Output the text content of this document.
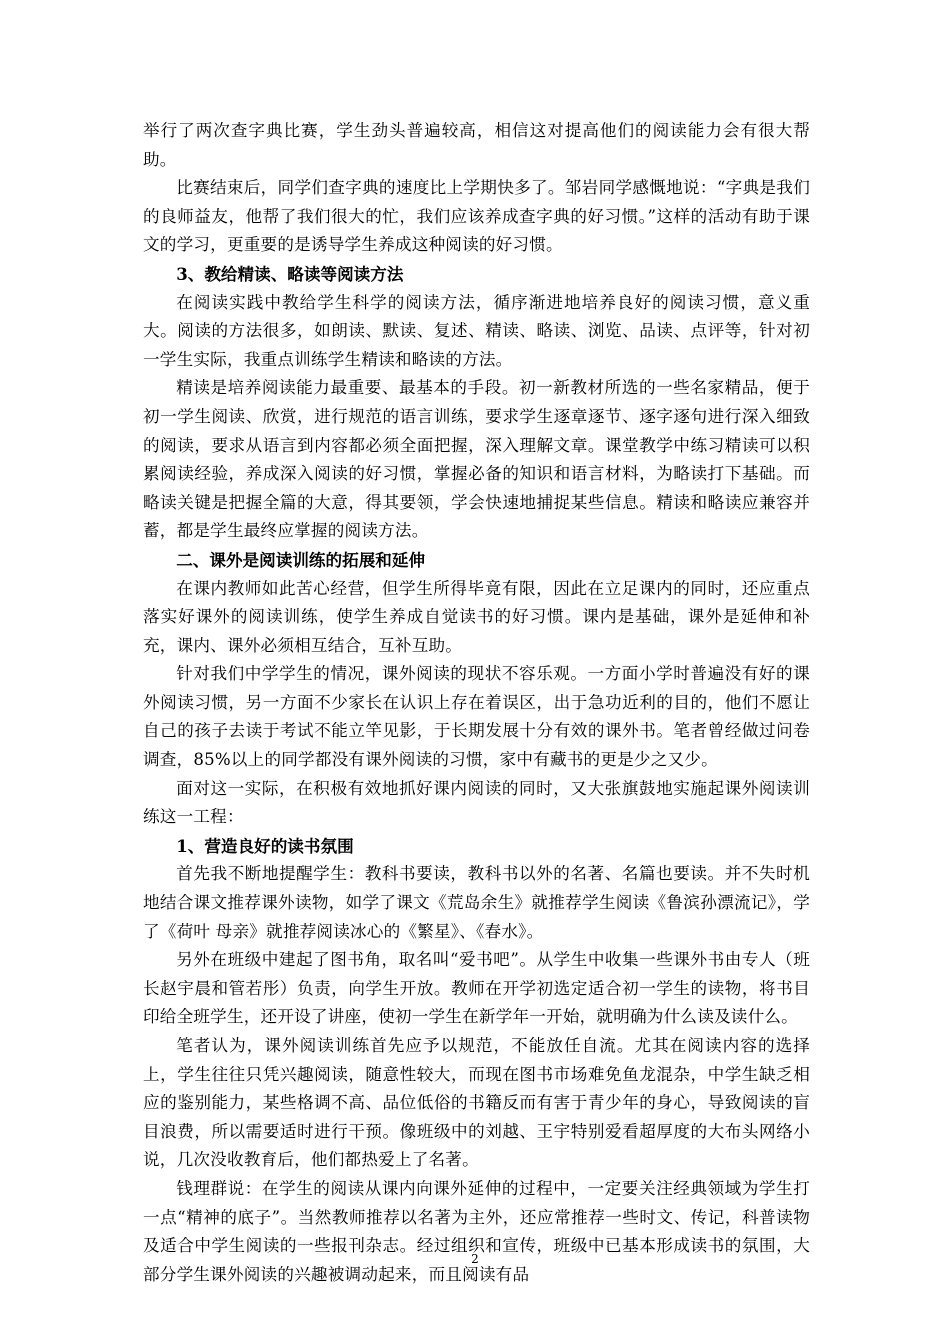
举行了两次查字典比赛，学生劲头普遍较高，相信这对提高他们的阅读能力会有很大帮助。

比赛结束后，同学们查字典的速度比上学期快多了。邹岩同学感慨地说：“字典是我们的良师益友，他帮了我们很大的忙，我们应该养成查字典的好习惯。”这样的活动有助于课文的学习，更重要的是诱导学生养成这种阅读的好习惯。

3、教给精读、略读等阅读方法

在阅读实践中教给学生科学的阅读方法，循序渐进地培养良好的阅读习惯，意义重大。阅读的方法很多，如朗读、默读、复述、精读、略读、浏览、品读、点评等，针对初一学生实际，我重点训练学生精读和略读的方法。

精读是培养阅读能力最重要、最基本的手段。初一新教材所选的一些名家精品，便于初一学生阅读、欣赏，进行规范的语言训练，要求学生逐章逐节、逐字逐句进行深入细致的阅读，要求从语言到内容都必须全面把握，深入理解文章。课堂教学中练习精读可以积累阅读经验，养成深入阅读的好习惯，掌握必备的知识和语言材料，为略读打下基础。而略读关键是把握全篇的大意，得其要领，学会快速地捕捉某些信息。精读和略读应兼容并蓄，都是学生最终应掌握的阅读方法。

二、课外是阅读训练的拓展和延伸

在课内教师如此苦心经营，但学生所得毕竟有限，因此在立足课内的同时，还应重点落实好课外的阅读训练，使学生养成自觉读书的好习惯。课内是基础，课外是延伸和补充，课内、课外必须相互结合，互补互助。

针对我们中学学生的情况，课外阅读的现状不容乐观。一方面小学时普遍没有好的课外阅读习惯，另一方面不少家长在认识上存在着误区，出于急功近利的目的，他们不愿让自己的孩子去读于考试不能立竿见影，于长期发展十分有效的课外书。笔者曾经做过问卷调查，85%以上的同学都没有课外阅读的习惯，家中有藏书的更是少之又少。

面对这一实际，在积极有效地抓好课内阅读的同时，又大张旗鼓地实施起课外阅读训练这一工程：

1、营造良好的读书氛围

首先我不断地提醒学生：教科书要读，教科书以外的名著、名篇也要读。并不失时机地结合课文推荐课外读物，如学了课文《荒岛余生》就推荐学生阅读《鲁滨孙漂流记》，学了《荷叶 母亲》就推荐阅读冰心的《繁星》、《春水》。

另外在班级中建起了图书角，取名叫“爱书吧”。从学生中收集一些课外书由专人（班长赵宇晨和管若彤）负责，向学生开放。教师在开学初选定适合初一学生的读物，将书目印给全班学生，还开设了讲座，使初一学生在新学年一开始，就明确为什么读及读什么。

笔者认为，课外阅读训练首先应予以规范，不能放任自流。尤其在阅读内容的选择上，学生往往只凭兴趣阅读，随意性较大，而现在图书市场难免鱼龙混杂，中学生缺乏相应的鉴别能力，某些格调不高、品位低俗的书籍反而有害于青少年的身心，导致阅读的盲目浪费，所以需要适时进行干预。像班级中的刘越、王宇特别爱看超厚度的大布头网络小说，几次没收教育后，他们都热爱上了名著。

钱理群说：在学生的阅读从课内向课外延伸的过程中，一定要关注经典领域为学生打一点“精神的底子”。当然教师推荐以名著为主外，还应常推荐一些时文、传记，科普读物及适合中学生阅读的一些报刊杂志。经过组织和宣传，班级中已基本形成读书的氛围，大部分学生课外阅读的兴趣被调动起来，而且阅读有品

2
